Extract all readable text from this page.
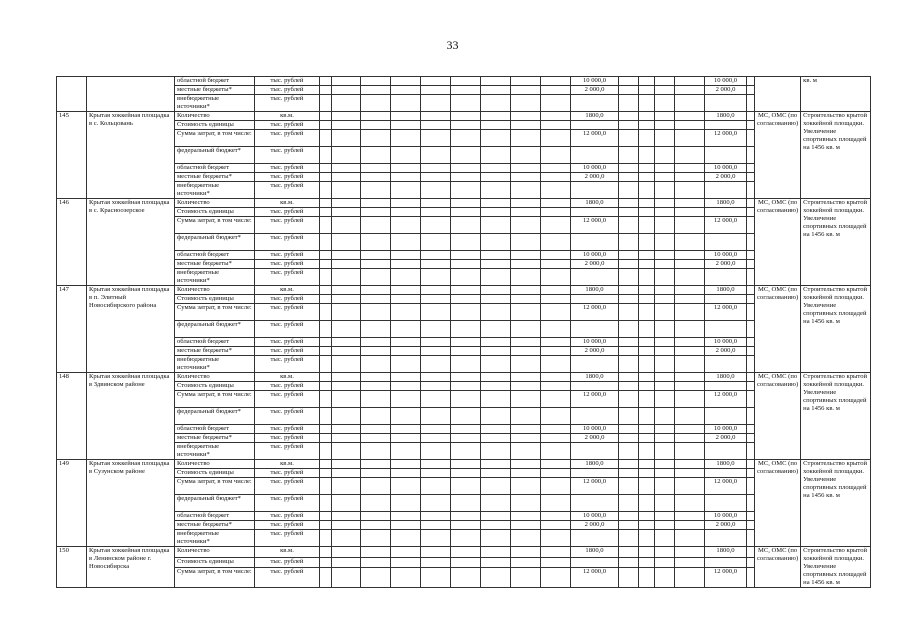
33
		областной бюджет	тыс. рублей										10 000,0					10 000,0			кв. м
		местные бюджеты*	тыс. рублей										2 000,0					2 000,0			
		внебюджетные источники*	тыс. рублей																		
145	Крытая хоккейная площадка в с. Кольцовань	Количество	кв.м.										1800,0					1800,0		МС, ОМС (по согласованию)	Строительство крытой хоккейной площадки. Увеличение спортивных площадей на 1456 кв. м
		Стоимость единицы	тыс. рублей																		
		Сумма затрат, в том числе:	тыс. рублей										12 000,0					12 000,0			
		федеральный бюджет*	тыс. рублей																		
		областной бюджет	тыс. рублей										10 000,0					10 000,0			
		местные бюджеты*	тыс. рублей										2 000,0					2 000,0			
		внебюджетные источники*	тыс. рублей																		
146	Крытая хоккейная площадка в с. Красноозерское	Количество	кв.м.										1800,0					1800,0		МС, ОМС (по согласованию)	Строительство крытой хоккейной площадки. Увеличение спортивных площадей на 1456 кв. м
		Стоимость единицы	тыс. рублей																		
		Сумма затрат, в том числе:	тыс. рублей										12 000,0					12 000,0			
		федеральный бюджет*	тыс. рублей																		
		областной бюджет	тыс. рублей										10 000,0					10 000,0			
		местные бюджеты*	тыс. рублей										2 000,0					2 000,0			
		внебюджетные источники*	тыс. рублей																		
147	Крытая хоккейная площадка в п. Элитный Новосибирского района	Количество	кв.м.										1800,0					1800,0		МС, ОМС (по согласованию)	Строительство крытой хоккейной площадки. Увеличение спортивных площадей на 1456 кв. м
		Стоимость единицы	тыс. рублей																		
		Сумма затрат, в том числе:	тыс. рублей										12 000,0					12 000,0			
		федеральный бюджет*	тыс. рублей																		
		областной бюджет	тыс. рублей										10 000,0					10 000,0			
		местные бюджеты*	тыс. рублей										2 000,0					2 000,0			
		внебюджетные источники*	тыс. рублей																		
148	Крытая хоккейная площадка в Здвинском районе	Количество	кв.м.										1800,0					1800,0		МС, ОМС (по согласованию)	Строительство крытой хоккейной площадки. Увеличение спортивных площадей на 1456 кв. м
		Стоимость единицы	тыс. рублей																		
		Сумма затрат, в том числе:	тыс. рублей										12 000,0					12 000,0			
		федеральный бюджет*	тыс. рублей																		
		областной бюджет	тыс. рублей										10 000,0					10 000,0			
		местные бюджеты*	тыс. рублей										2 000,0					2 000,0			
		внебюджетные источники*	тыс. рублей																		
149	Крытая хоккейная площадка в Сузунском районе	Количество	кв.м.										1800,0					1800,0		МС, ОМС (по согласованию)	Строительство крытой хоккейной площадки. Увеличение спортивных площадей на 1456 кв. м
		Стоимость единицы	тыс. рублей																		
		Сумма затрат, в том числе:	тыс. рублей										12 000,0					12 000,0			
		федеральный бюджет*	тыс. рублей																		
		областной бюджет	тыс. рублей										10 000,0					10 000,0			
		местные бюджеты*	тыс. рублей										2 000,0					2 000,0			
		внебюджетные источники*	тыс. рублей																		
150	Крытая хоккейная площадка в Ленинском районе г. Новосибирска	Количество	кв.м.										1800,0					1800,0		МС, ОМС (по согласованию)	Строительство крытой хоккейной площадки. Увеличение спортивных площадей на 1456 кв. м
		Стоимость единицы	тыс. рублей																		
		Сумма затрат, в том числе:	тыс. рублей										12 000,0					12 000,0			
